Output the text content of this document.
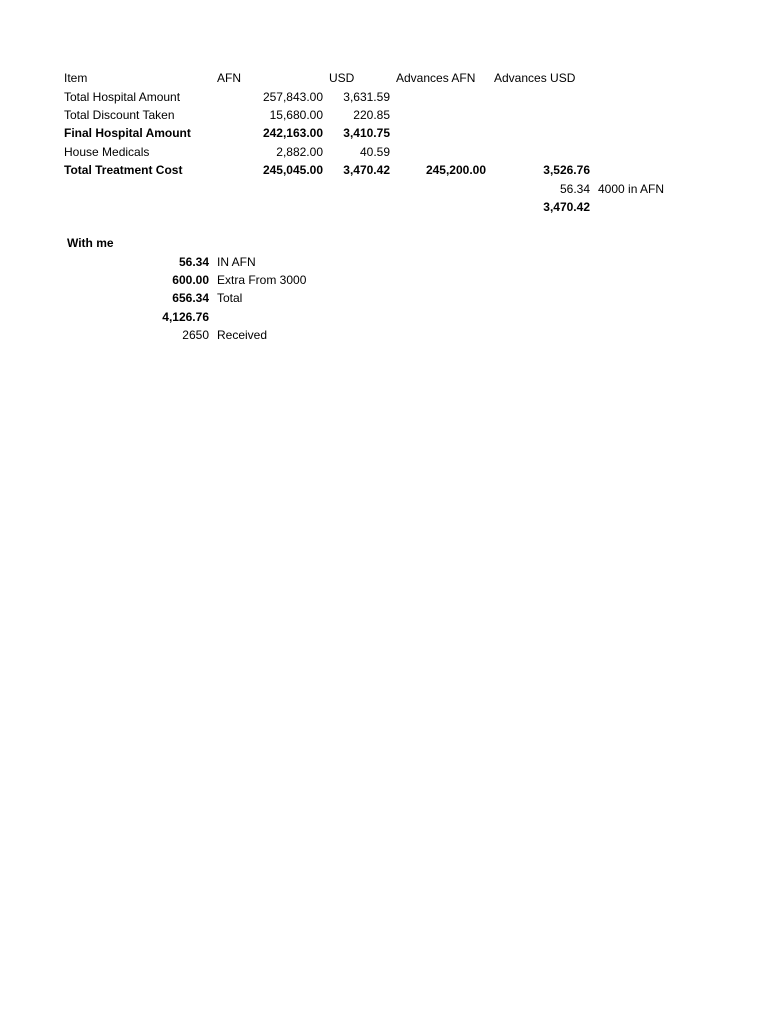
Item	AFN	USD	Advances AFN	Advances USD
Total Hospital Amount	257,843.00	3,631.59
Total Discount Taken	15,680.00	220.85
Final Hospital Amount	242,163.00	3,410.75
House Medicals	2,882.00	40.59
Total Treatment Cost	245,045.00	3,470.42	245,200.00	3,526.76
56.34 4000 in AFN
3,470.42
With me
56.34 IN AFN
600.00 Extra From 3000
656.34 Total
4,126.76
2650 Received
